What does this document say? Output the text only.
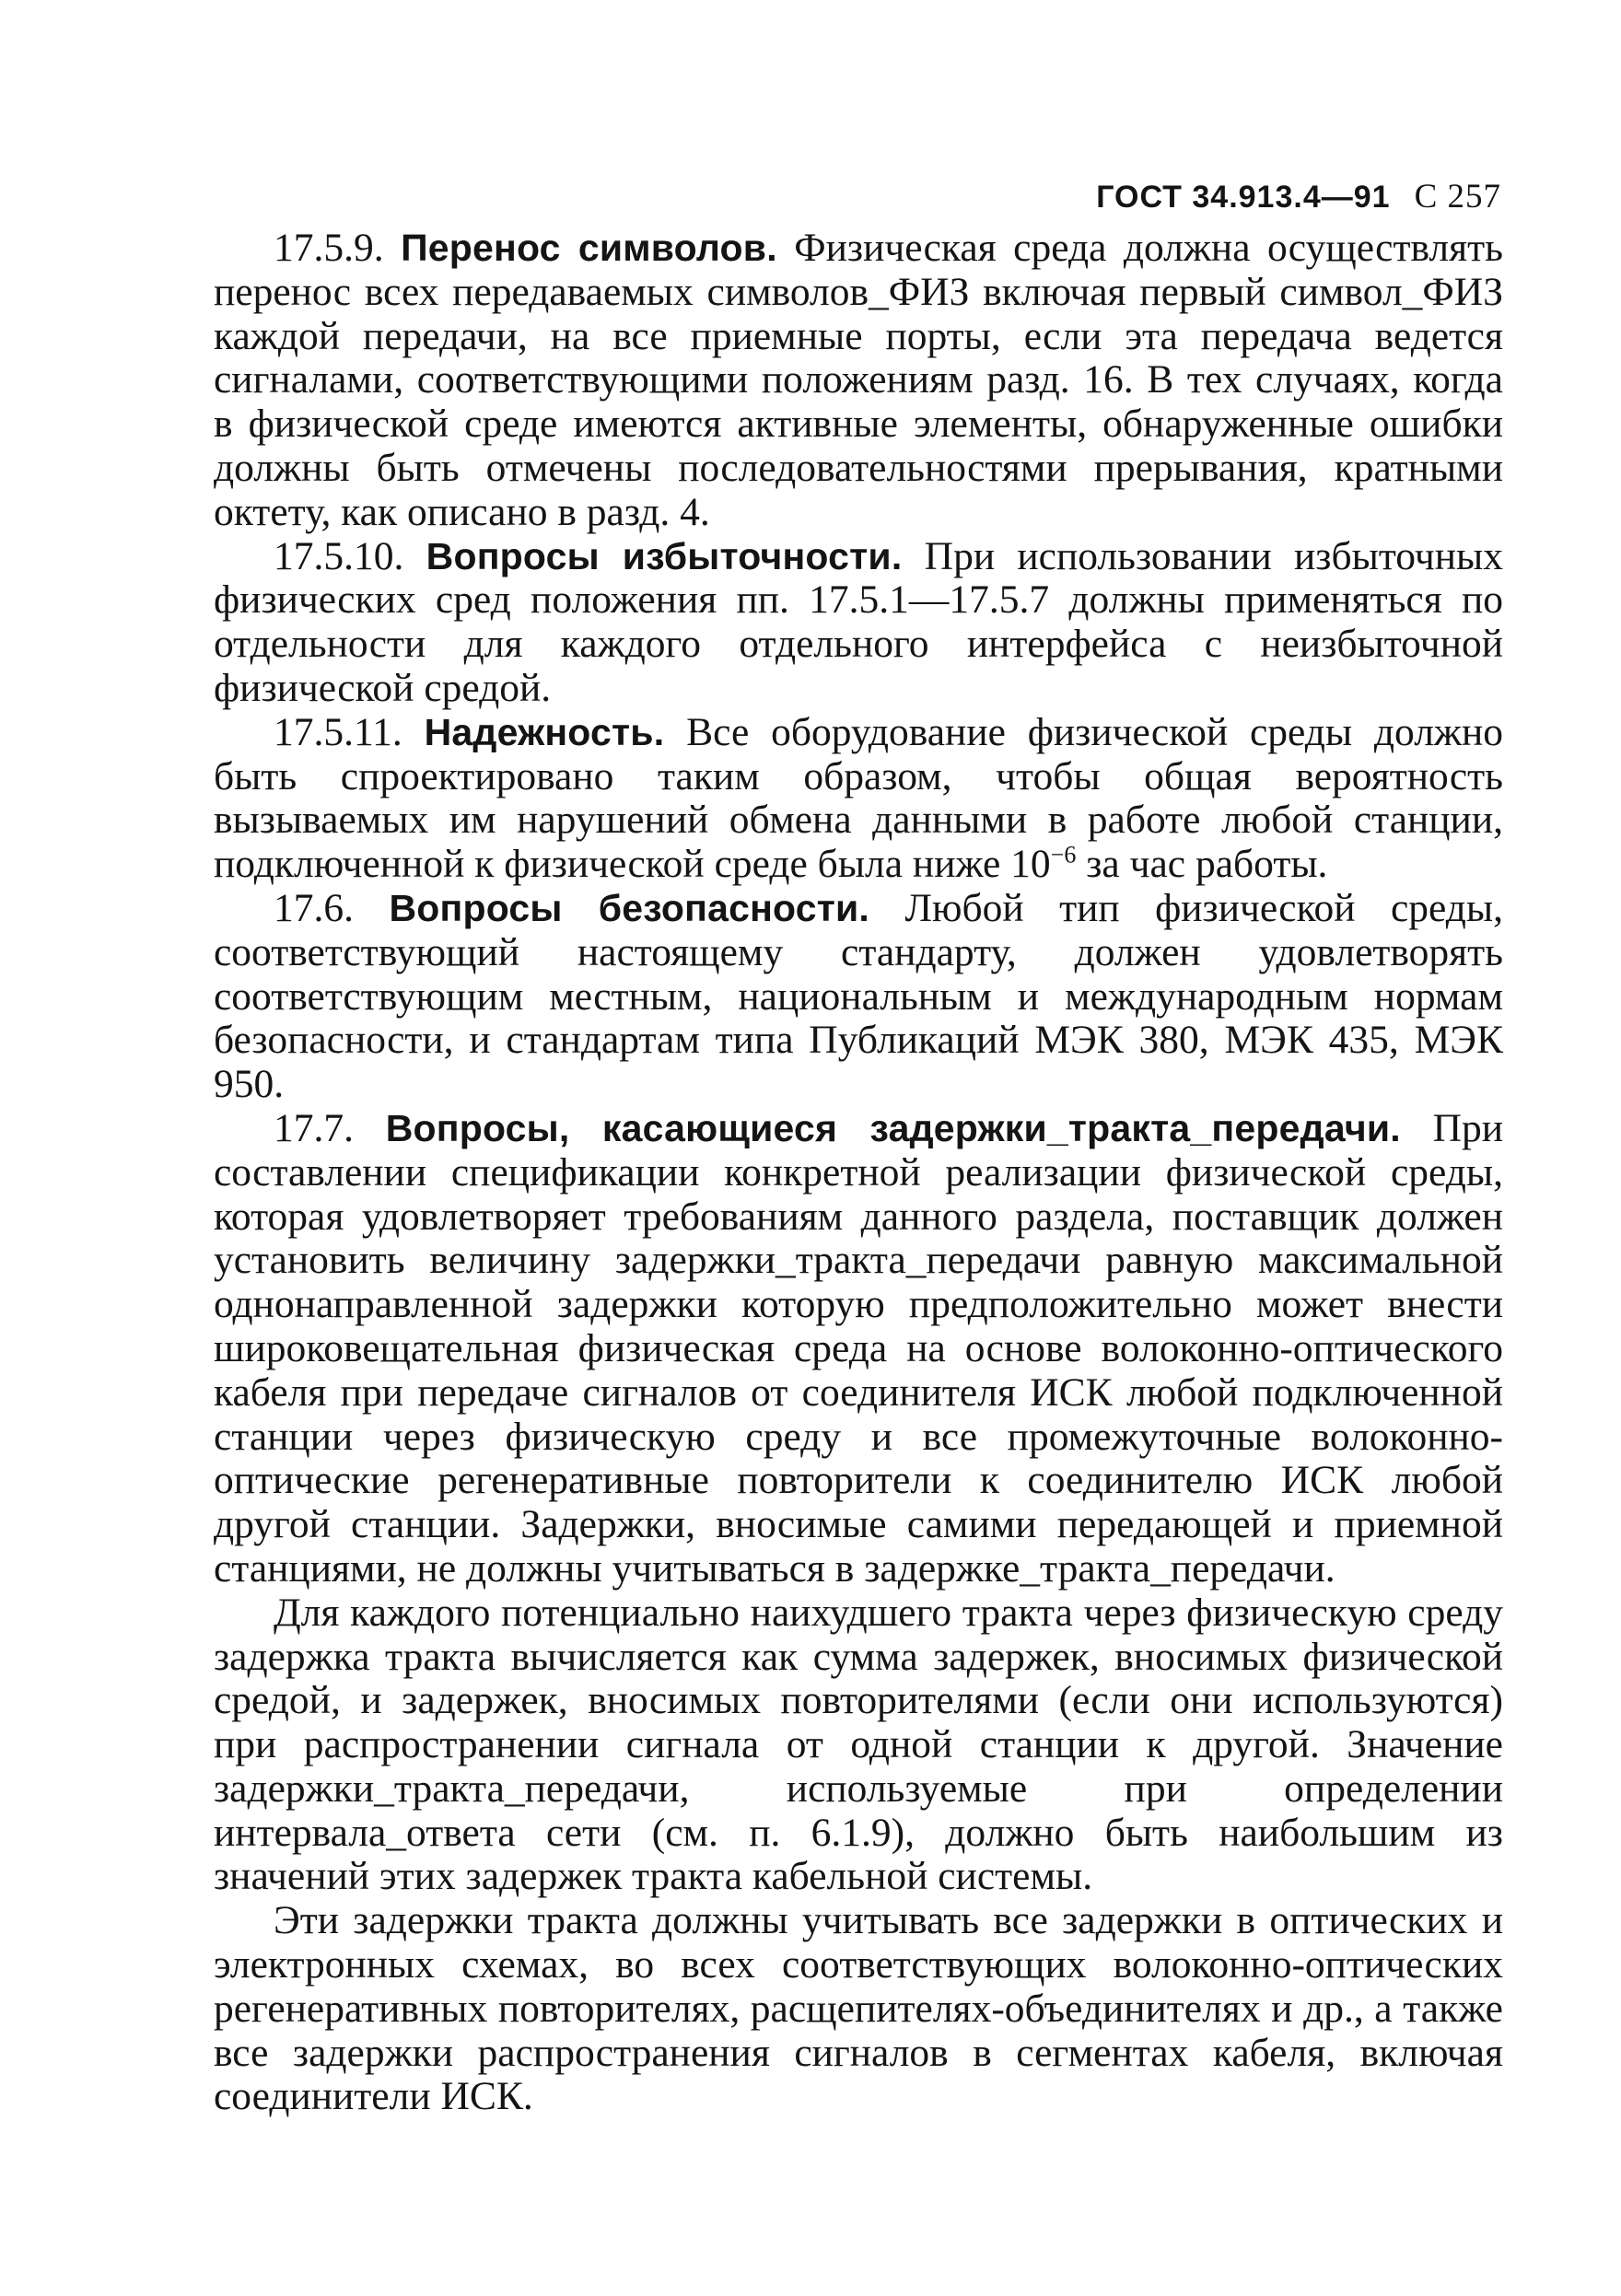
ГОСТ 34.913.4—91 С 257

17.5.9. Перенос символов. Физическая среда должна осуществлять перенос всех передаваемых символов_ФИЗ включая первый символ_ФИЗ каждой передачи, на все приемные порты, если эта передача ведется сигналами, соответствующими положениям разд. 16. В тех случаях, когда в физической среде имеются активные элементы, обнаруженные ошибки должны быть отмечены последовательностями прерывания, кратными октету, как описано в разд. 4.

17.5.10. Вопросы избыточности. При использовании избыточных физических сред положения пп. 17.5.1—17.5.7 должны применяться по отдельности для каждого отдельного интерфейса с неизбыточной физической средой.

17.5.11. Надежность. Все оборудование физической среды должно быть спроектировано таким образом, чтобы общая вероятность вызываемых им нарушений обмена данными в работе любой станции, подключенной к физической среде была ниже $10^{-6}$ за час работы.

17.6. Вопросы безопасности. Любой тип физической среды, соответствующий настоящему стандарту, должен удовлетворять соответствующим местным, национальным и международным нормам безопасности, и стандартам типа Публикаций МЭК 380, МЭК 435, МЭК 950.

17.7. Вопросы, касающиеся задержки_тракта_передачи. При составлении спецификации конкретной реализации физической среды, которая удовлетворяет требованиям данного раздела, поставщик должен установить величину задержки_тракта_передачи равную максимальной однонаправленной задержки которую предположительно может внести широковещательная физическая среда на основе волоконно-оптического кабеля при передаче сигналов от соединителя ИСК любой подключенной станции через физическую среду и все промежуточные волоконно-оптические регенеративные повторители к соединителю ИСК любой другой станции. Задержки, вносимые самими передающей и приемной станциями, не должны учитываться в задержке_тракта_передачи.

Для каждого потенциально наихудшего тракта через физическую среду задержка тракта вычисляется как сумма задержек, вносимых физической средой, и задержек, вносимых повторителями (если они используются) при распространении сигнала от одной станции к другой. Значение задержки_тракта_передачи, используемые при определении интервала_ответа сети (см. п. 6.1.9), должно быть наибольшим из значений этих задержек тракта кабельной системы.

Эти задержки тракта должны учитывать все задержки в оптических и электронных схемах, во всех соответствующих волоконно-оптических регенеративных повторителях, расщепителях-объединителях и др., а также все задержки распространения сигналов в сегментах кабеля, включая соединители ИСК.
